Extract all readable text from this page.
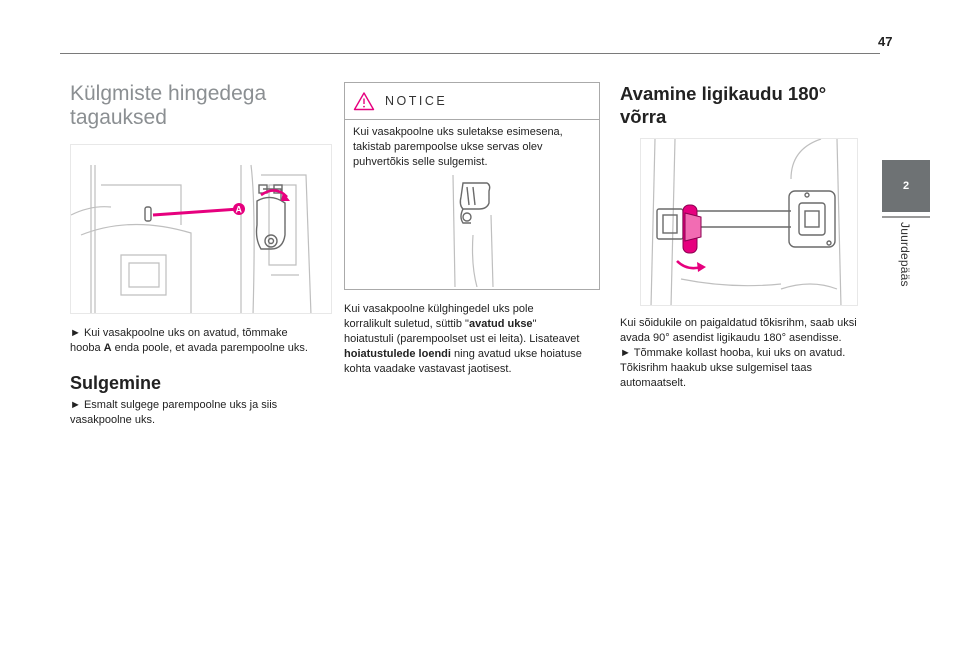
47
2
Juurdepääs
Külgmiste hingedega
tagauksed
A
► Kui vasakpoolne uks on avatud, tõmmake
hooba A enda poole, et avada parempoolne uks.
Sulgemine
► Esmalt sulgege parempoolne uks ja siis
vasakpoolne uks.
NOTICE
Kui vasakpoolne uks suletakse esimesena,
takistab parempoolse ukse servas olev
puhvertõkis selle sulgemist.
Kui vasakpoolne külghingedel uks pole
korralikult suletud, süttib "avatud ukse"
hoiatustuli (parempoolset ust ei leita). Lisateavet
hoiatustulede loendi ning avatud ukse hoiatuse
kohta vaadake vastavast jaotisest.
Avamine ligikaudu 180°
võrra
Kui sõidukile on paigaldatud tõkisrihm, saab uksi
avada 90° asendist ligikaudu 180° asendisse.
► Tõmmake kollast hooba, kui uks on avatud.
Tõkisrihm haakub ukse sulgemisel taas
automaatselt.
